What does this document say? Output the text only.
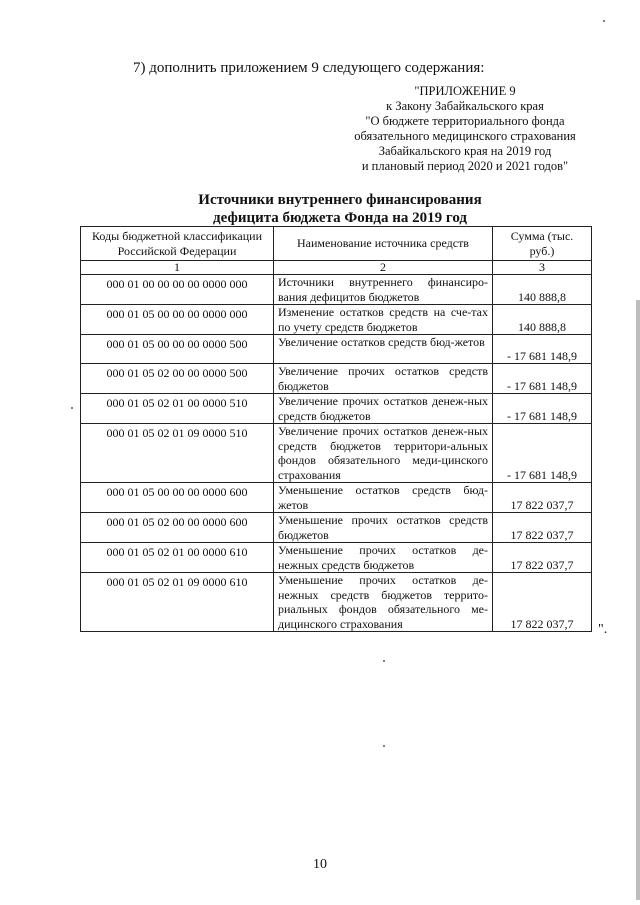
7) дополнить приложением 9 следующего содержания:
"ПРИЛОЖЕНИЕ 9
к Закону Забайкальского края
"О бюджете территориального фонда
обязательного медицинского страхования
Забайкальского края на 2019 год
и плановый период 2020 и 2021 годов"
Источники внутреннего финансирования
дефицита бюджета Фонда на 2019 год
Коды бюджетной классификации Российской Федерации	Наименование источника средств	Сумма (тыс. руб.)
1	2	3
000 01 00 00 00 00 0000 000	Источники внутреннего финансиро-вания дефицитов бюджетов	140 888,8
000 01 05 00 00 00 0000 000	Изменение остатков средств на сче-тах по учету средств бюджетов	140 888,8
000 01 05 00 00 00 0000 500	Увеличение остатков средств бюд-жетов	- 17 681 148,9
000 01 05 02 00 00 0000 500	Увеличение прочих остатков средств бюджетов	- 17 681 148,9
000 01 05 02 01 00 0000 510	Увеличение прочих остатков денеж-ных средств бюджетов	- 17 681 148,9
000 01 05 02 01 09 0000 510	Увеличение прочих остатков денеж-ных средств бюджетов территори-альных фондов обязательного меди-цинского страхования	- 17 681 148,9
000 01 05 00 00 00 0000 600	Уменьшение остатков средств бюд-жетов	17 822 037,7
000 01 05 02 00 00 0000 600	Уменьшение прочих остатков средств бюджетов	17 822 037,7
000 01 05 02 01 00 0000 610	Уменьшение прочих остатков де-нежных средств бюджетов	17 822 037,7
000 01 05 02 01 09 0000 610	Уменьшение прочих остатков де-нежных средств бюджетов террито-риальных фондов обязательного ме-дицинского страхования	17 822 037,7 ".
10
